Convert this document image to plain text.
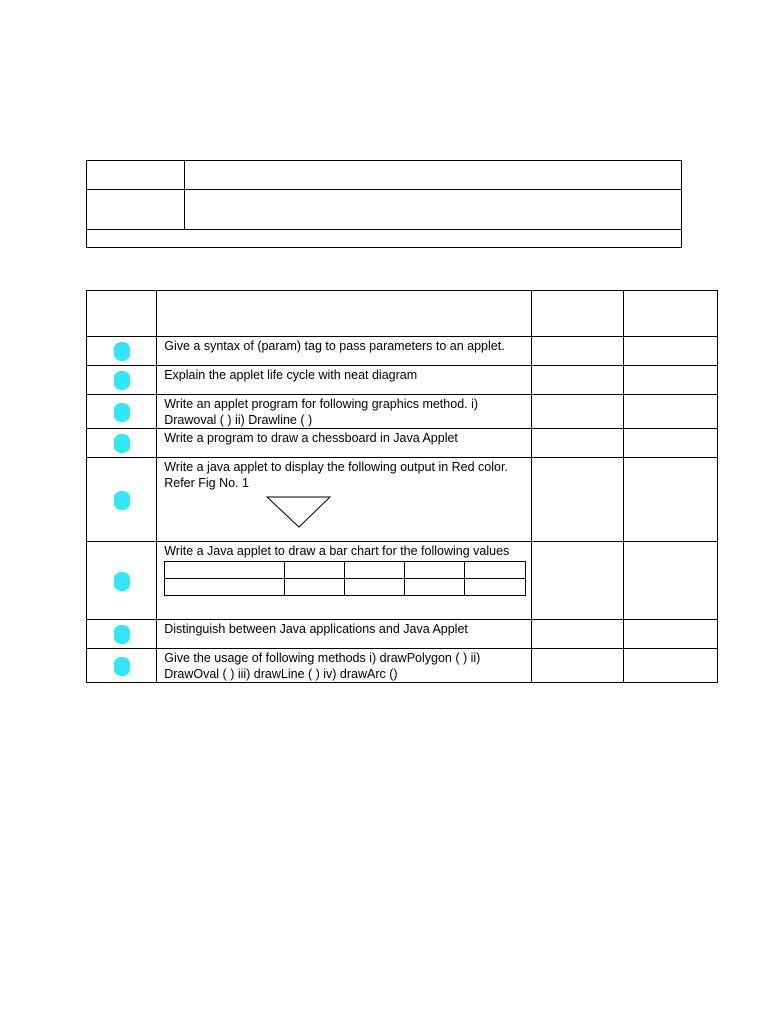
Give a syntax of (param) tag to pass parameters to an applet.

Explain the applet life cycle with neat diagram

Write an applet program for following graphics method. i) Drawoval ( ) ii) Drawline ( )

Write a program to draw a chessboard in Java Applet

Write a java applet to display the following output in Red color. Refer Fig No. 1

Write a Java applet to draw a bar chart for the following values

Distinguish between Java applications and Java Applet

Give the usage of following methods i) drawPolygon ( ) ii) DrawOval ( ) iii) drawLine ( ) iv) drawArc ()
